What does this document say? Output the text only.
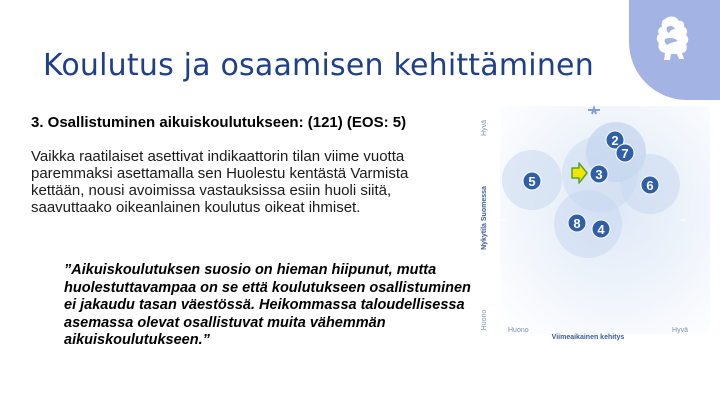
Koulutus ja osaamisen kehittäminen
3. Osallistuminen aikuiskoulutukseen: (121) (EOS: 5)

Vaikka raatilaiset asettivat indikaattorin tilan viime vuotta paremmaksi asettamalla sen Huolestu kentästä Varmista kettään, nousi avoimissa vastauksissa esiin huoli siitä, saavuttaako oikeanlainen koulutus oikeat ihmiset.

”Aikuiskoulutuksen suosio on hieman hiipunut, mutta huolestuttavampaa on se että koulutukseen osallistuminen ei jakaudu tasan väestössä. Heikommassa taloudellisessa asemassa olevat osallistuvat muita vähemmän aikuiskoulutukseen.”

2
7
5	3
6
8 4
Hyvä
Nykytila Suomessa
Huono
Huono
Viimeaikainen kehitys
Hyvä
